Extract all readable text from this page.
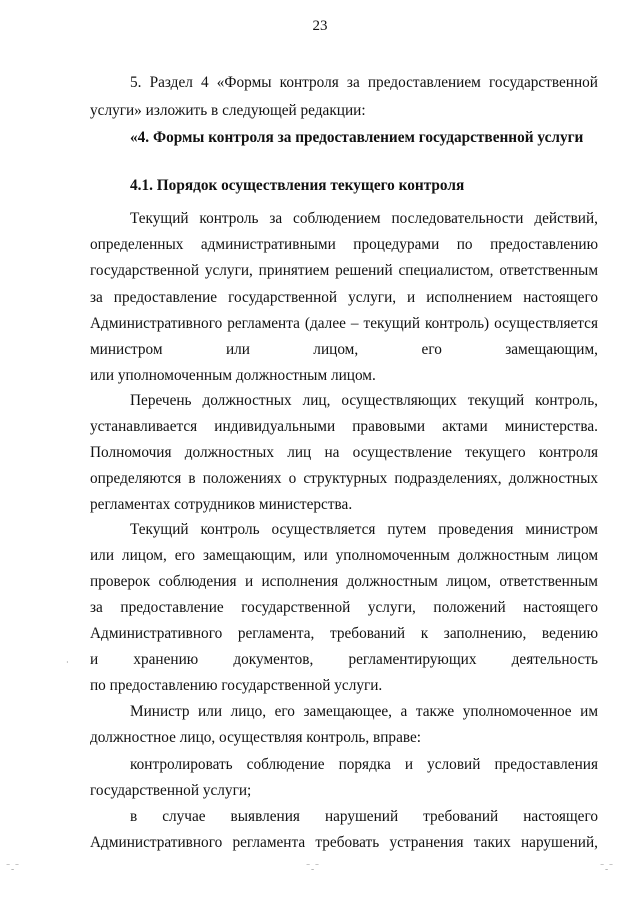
23
5. Раздел 4 «Формы контроля за предоставлением государственной
услуги» изложить в следующей редакции:
«4. Формы контроля за предоставлением государственной услуги
4.1. Порядок осуществления текущего контроля
Текущий контроль за соблюдением последовательности действий,
определенных административными процедурами по предоставлению
государственной услуги, принятием решений специалистом, ответственным
за предоставление государственной услуги, и исполнением настоящего
Административного регламента (далее – текущий контроль) осуществляется
министром или лицом, его замещающим,
или уполномоченным должностным лицом.
Перечень должностных лиц, осуществляющих текущий контроль,
устанавливается индивидуальными правовыми актами министерства.
Полномочия должностных лиц на осуществление текущего контроля
определяются в положениях о структурных подразделениях, должностных
регламентах сотрудников министерства.
Текущий контроль осуществляется путем проведения министром
или лицом, его замещающим, или уполномоченным должностным лицом
проверок соблюдения и исполнения должностным лицом, ответственным
за предоставление государственной услуги, положений настоящего
Административного регламента, требований к заполнению, ведению
и хранению документов, регламентирующих деятельность
по предоставлению государственной услуги.
Министр или лицо, его замещающее, а также уполномоченное им
должностное лицо, осуществляя контроль, вправе:
контролировать соблюдение порядка и условий предоставления
государственной услуги;
в случае выявления нарушений требований настоящего
Административного регламента требовать устранения таких нарушений,
⁻ˍ⁻	⁻ˍ⁻	⁻ˍ⁻
·
